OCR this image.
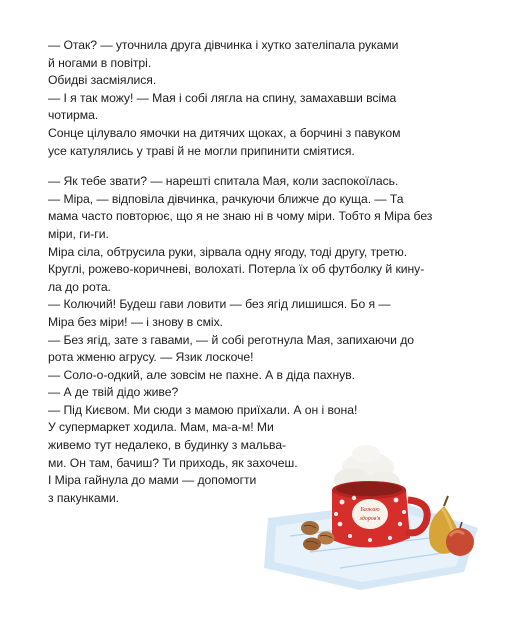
— Отак? — уточнила друга дівчинка і хутко зателіпала руками

й ногами в повітрі.

Обидві засміялися.

— І я так можу! — Мая і собі лягла на спину, замахавши всіма

чотирма.

Сонце цілувало ямочки на дитячих щоках, а борчині з павуком

усе катулялись у траві й не могли припинити сміятися.

— Як тебе звати? — нарешті спитала Мая, коли заспокоїлась.

— Міра, — відповіла дівчинка, рачкуючи ближче до куща. — Та

мама часто повторює, що я не знаю ні в чому міри. Тобто я Міра без

міри, ги-ги.

Міра сіла, обтрусила руки, зірвала одну ягоду, тоді другу, третю.

Круглі, рожево-коричневі, волохаті. Потерла їх об футболку й кину-

ла до рота.

— Колючий! Будеш гави ловити — без ягід лишишся. Бо я —

Міра без міри! — і знову в сміх.

— Без ягід, зате з гавами, — й собі реготнула Мая, запихаючи до

рота жменю агрусу. — Язик лоскоче!

— Соло-о-одкий, але зовсім не пахне. А в діда пахнув.

— А де твій дідо живе?

— Під Києвом. Ми сюди з мамою приїхали. А он і вона!

У супермаркет ходила. Мам, ма-а-м! Ми

живемо тут недалеко, в будинку з мальва-

ми. Он там, бачиш? Ти приходь, як захочеш.

І Міра гайнула до мами — допомогти

з пакунками.

Бажаю
здоров'я
